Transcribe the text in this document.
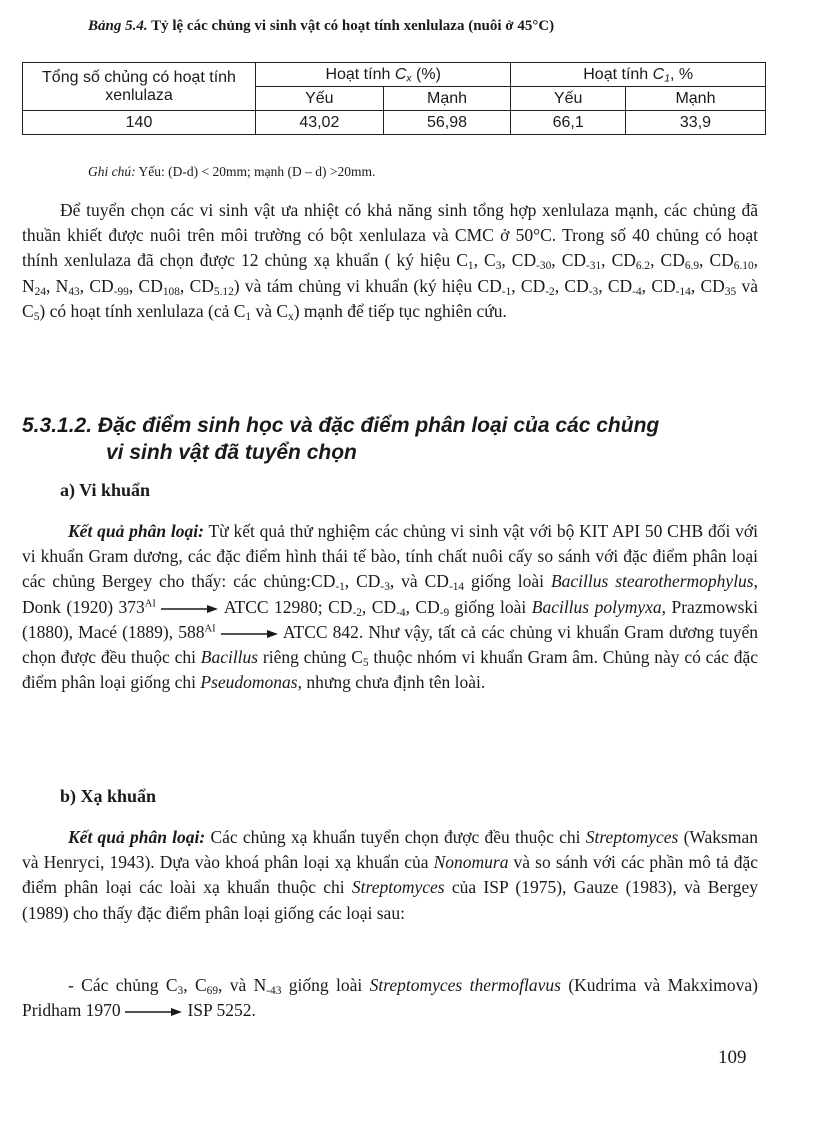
Bảng 5.4. Tỷ lệ các chủng vi sinh vật có hoạt tính xenlulaza (nuôi ở 45°C)
Tổng số chủng có hoạt tính xenlulaza	Hoạt tính $C_x$ (%)		Hoạt tính $C_1$, %	
	Yếu	Mạnh	Yếu	Mạnh
140	43,02	56,98	66,1	33,9
Ghi chú: Yếu: (D-d) < 20mm; mạnh (D – d) >20mm.

Để tuyển chọn các vi sinh vật ưa nhiệt có khả năng sinh tổng hợp xenlulaza mạnh, các chủng đã thuần khiết được nuôi trên môi trường có bột xenlulaza và CMC ở 50°C. Trong số 40 chủng có hoạt thính xenlulaza đã chọn được 12 chủng xạ khuẩn ( ký hiệu $C_1$, $C_3$, $CD_{-30}$, $CD_{-31}$, $CD_{6.2}$, $CD_{6.9}$, $CD_{6.10}$, $N_{24}$, $N_{43}$, $CD_{-99}$, $CD_{108}$, $CD_{5.12}$) và tám chủng vi khuẩn (ký hiệu $CD_{-1}$, $CD_{-2}$, $CD_{-3}$, $CD_{-4}$, $CD_{-14}$, $CD_{35}$ và $C_5$) có hoạt tính xenlulaza (cả $C_1$ và $C_x$) mạnh để tiếp tục nghiên cứu.

5.3.1.2. Đặc điểm sinh học và đặc điểm phân loại của các chủng
vi sinh vật đã tuyển chọn
a) Vi khuẩn

Kết quả phân loại: Từ kết quả thử nghiệm các chủng vi sinh vật với bộ KIT API 50 CHB đối với vi khuẩn Gram dương, các đặc điểm hình thái tế bào, tính chất nuôi cấy so sánh với đặc điểm phân loại các chủng Bergey cho thấy: các $chủng:CD_{-1}$, $CD_{-3}$, và $CD_{-14}$ giống loài Bacillus stearothermophylus, Donk (1920) $373^{AI}$	ATCC 12980; $CD_{-2}$, $CD_{-4}$, $CD_{-9}$ giống loài Bacillus polymyxa, Prazmowski (1880), Macé (1889), $588^{AI}$	ATCC 842. Như vậy, tất cả các chủng vi khuẩn Gram dương tuyển chọn được đều thuộc chi Bacillus riêng chủng $C_5$ thuộc nhóm vi khuẩn Gram âm. Chủng này có các đặc điểm phân loại giống chi Pseudomonas, nhưng chưa định tên loài.

b) Xạ khuẩn

Kết quả phân loại: Các chủng xạ khuẩn tuyển chọn được đều thuộc chi Streptomyces (Waksman và Henryci, 1943). Dựa vào khoá phân loại xạ khuẩn của Nonomura và so sánh với các phần mô tả đặc điểm phân loại các loài xạ khuẩn thuộc chi Streptomyces của ISP (1975), Gauze (1983), và Bergey (1989) cho thấy đặc điểm phân loại giống các loại sau:

- Các chủng $C_3$, $C_{69}$, và $N_{-43}$ giống loài Streptomyces thermoflavus (Kudrima và Makximova) Pridham 1970	ISP 5252.

109
